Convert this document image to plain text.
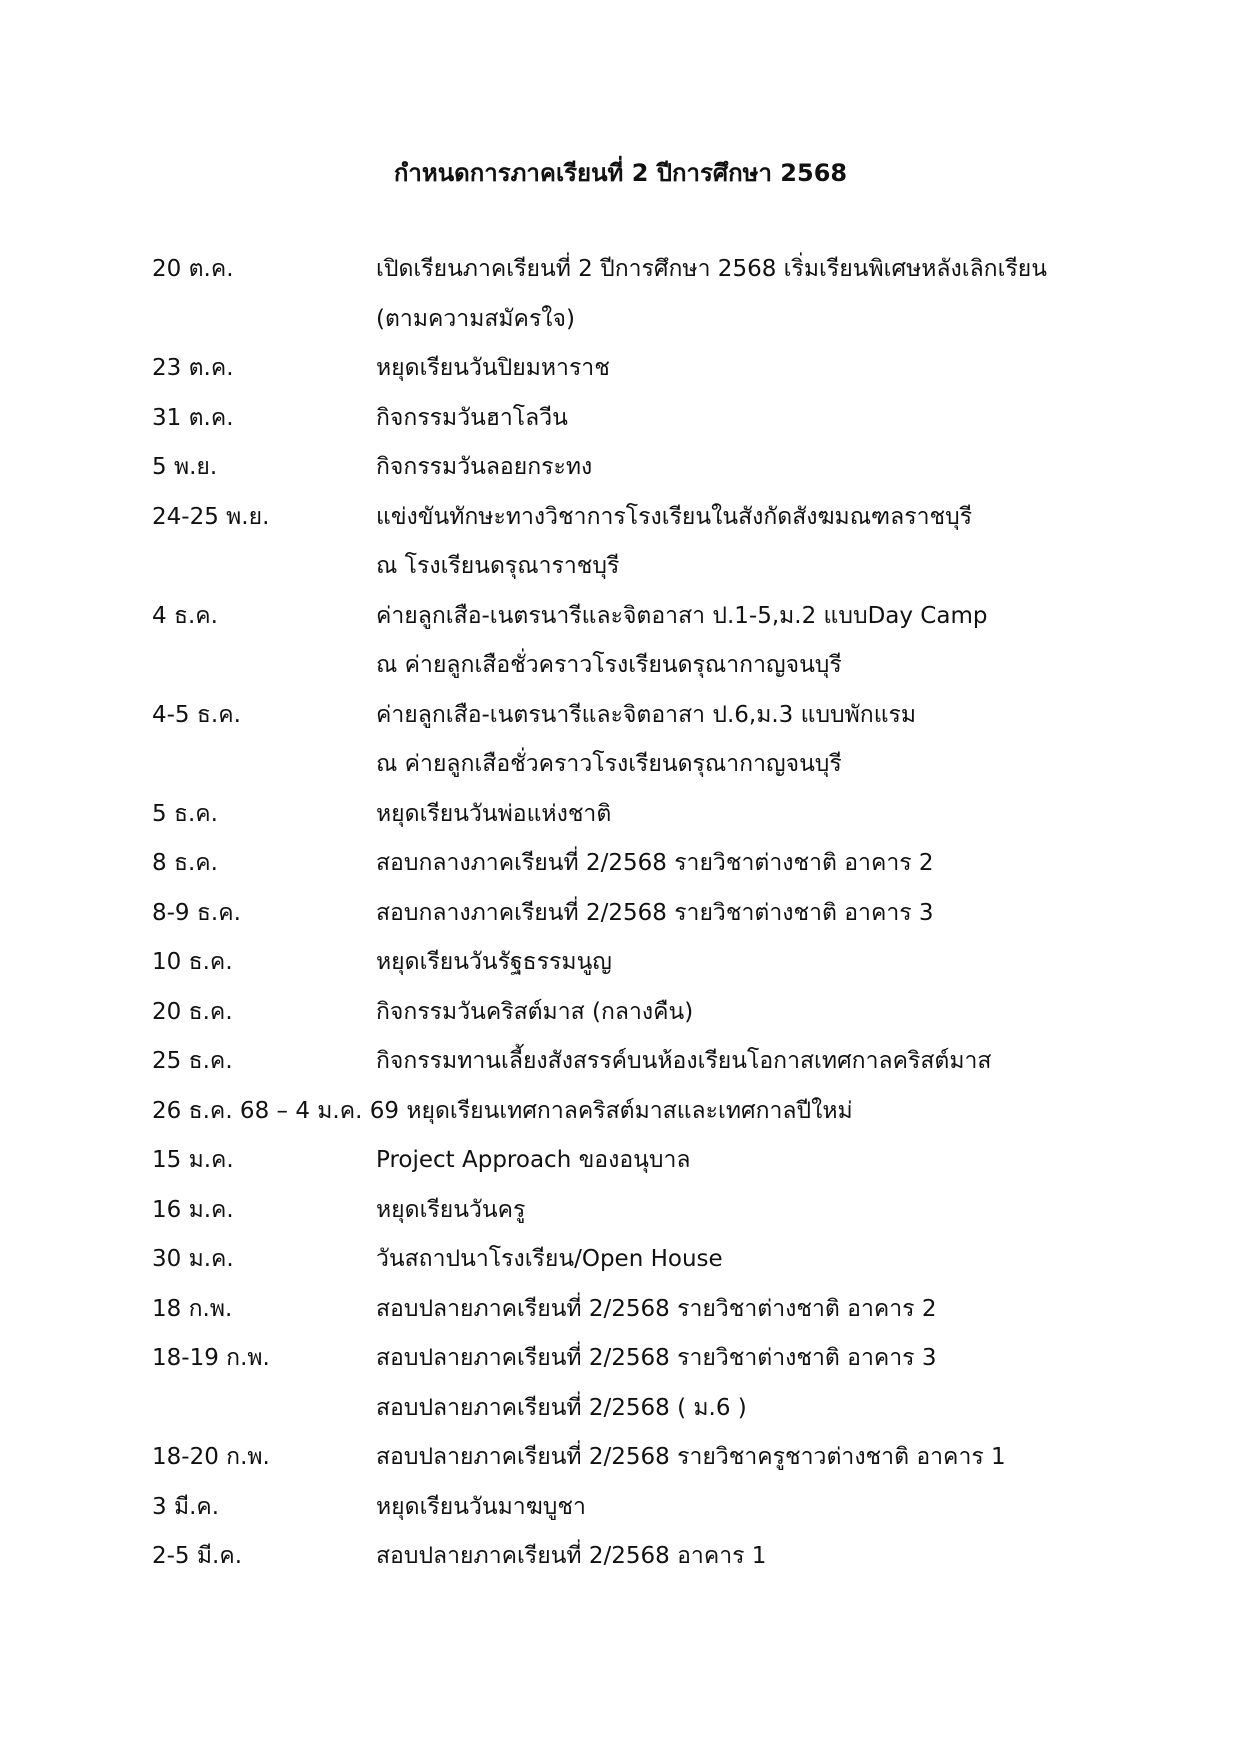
กำหนดการภาคเรียนที่ 2 ปีการศึกษา 2568
20 ต.ค.	เปิดเรียนภาคเรียนที่ 2 ปีการศึกษา 2568 เริ่มเรียนพิเศษหลังเลิกเรียน
(ตามความสมัครใจ)
23 ต.ค.	หยุดเรียนวันปิยมหาราช
31 ต.ค.	กิจกรรมวันฮาโลวีน
5 พ.ย.	กิจกรรมวันลอยกระทง
24-25 พ.ย.	แข่งขันทักษะทางวิชาการโรงเรียนในสังกัดสังฆมณฑลราชบุรี
ณ โรงเรียนดรุณาราชบุรี
4 ธ.ค.	ค่ายลูกเสือ-เนตรนารีและจิตอาสา ป.1-5,ม.2 แบบDay Camp
ณ ค่ายลูกเสือชั่วคราวโรงเรียนดรุณากาญจนบุรี
4-5 ธ.ค.	ค่ายลูกเสือ-เนตรนารีและจิตอาสา ป.6,ม.3 แบบพักแรม
ณ ค่ายลูกเสือชั่วคราวโรงเรียนดรุณากาญจนบุรี
5 ธ.ค.	หยุดเรียนวันพ่อแห่งชาติ
8 ธ.ค.	สอบกลางภาคเรียนที่ 2/2568 รายวิชาต่างชาติ อาคาร 2
8-9 ธ.ค.	สอบกลางภาคเรียนที่ 2/2568 รายวิชาต่างชาติ อาคาร 3
10 ธ.ค.	หยุดเรียนวันรัฐธรรมนูญ
20 ธ.ค.	กิจกรรมวันคริสต์มาส (กลางคืน)
25 ธ.ค.	กิจกรรมทานเลี้ยงสังสรรค์บนห้องเรียนโอกาสเทศกาลคริสต์มาส
26 ธ.ค. 68 – 4 ม.ค. 69 หยุดเรียนเทศกาลคริสต์มาสและเทศกาลปีใหม่
15 ม.ค.	Project Approach ของอนุบาล
16 ม.ค.	หยุดเรียนวันครู
30 ม.ค.	วันสถาปนาโรงเรียน/Open House
18 ก.พ.	สอบปลายภาคเรียนที่ 2/2568 รายวิชาต่างชาติ อาคาร 2
18-19 ก.พ.	สอบปลายภาคเรียนที่ 2/2568 รายวิชาต่างชาติ อาคาร 3
สอบปลายภาคเรียนที่ 2/2568 ( ม.6 )
18-20 ก.พ.	สอบปลายภาคเรียนที่ 2/2568 รายวิชาครูชาวต่างชาติ อาคาร 1
3 มี.ค.	หยุดเรียนวันมาฆบูชา
2-5 มี.ค.	สอบปลายภาคเรียนที่ 2/2568 อาคาร 1
